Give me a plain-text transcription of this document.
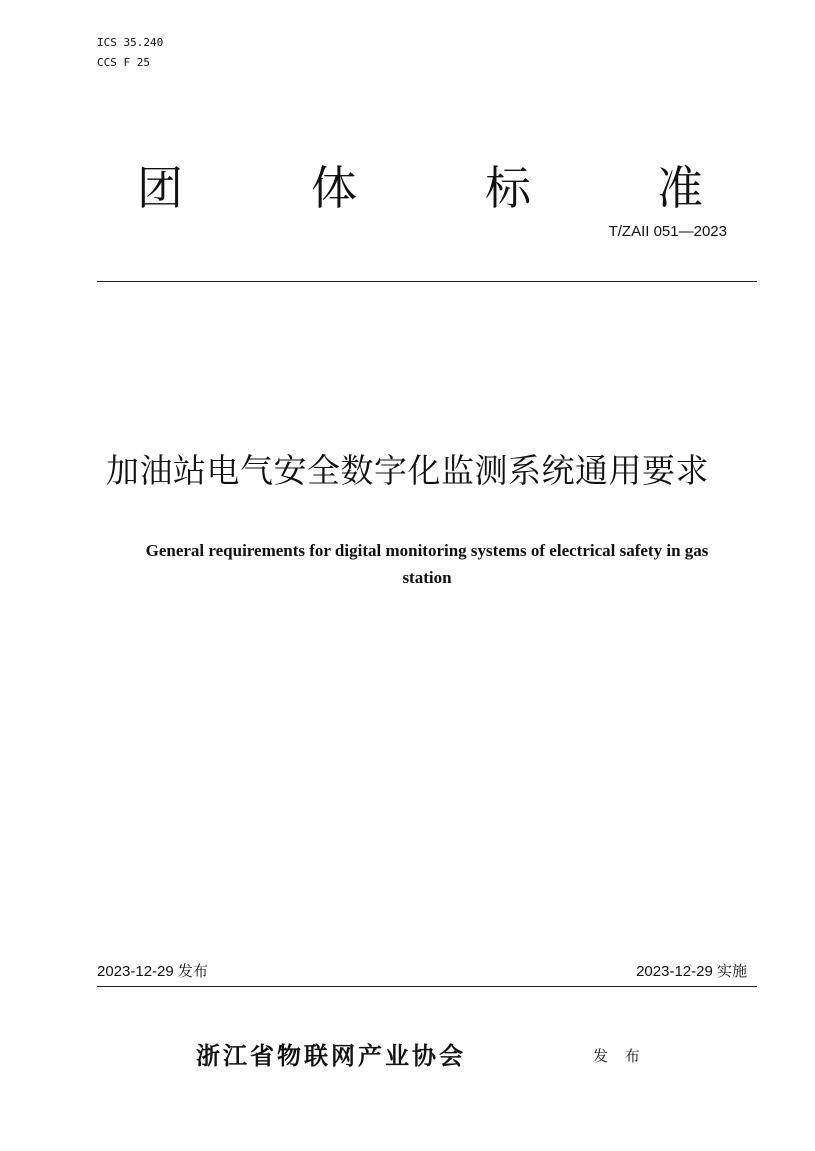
ICS 35.240
CCS F 25
团	体	标	准
T/ZAII 051—2023
加油站电气安全数字化监测系统通用要求
General requirements for digital monitoring systems of electrical safety in gas
station
2023-12-29 发布	2023-12-29 实施
浙江省物联网产业协会	发 布
